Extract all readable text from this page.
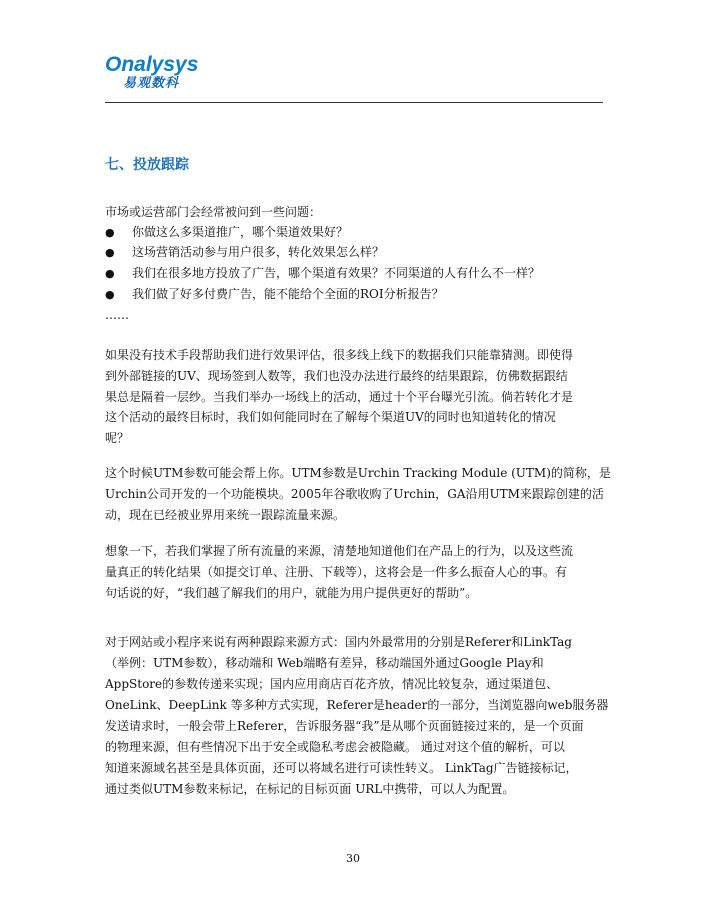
Onalysys
易观数科
七、投放跟踪
市场或运营部门会经常被问到一些问题：
● 你做这么多渠道推广，哪个渠道效果好？
● 这场营销活动参与用户很多，转化效果怎么样？
● 我们在很多地方投放了广告，哪个渠道有效果？不同渠道的人有什么不一样？
● 我们做了好多付费广告，能不能给个全面的ROI分析报告？
……
如果没有技术手段帮助我们进行效果评估，很多线上线下的数据我们只能靠猜测。即使得
到外部链接的UV、现场签到人数等，我们也没办法进行最终的结果跟踪，仿佛数据跟结
果总是隔着一层纱。当我们举办一场线上的活动，通过十个平台曝光引流。倘若转化才是
这个活动的最终目标时，我们如何能同时在了解每个渠道UV的同时也知道转化的情况
呢？
这个时候UTM参数可能会帮上你。UTM参数是Urchin Tracking Module (UTM)的简称，是
Urchin公司开发的一个功能模块。2005年谷歌收购了Urchin，GA沿用UTM来跟踪创建的活
动，现在已经被业界用来统一跟踪流量来源。
想象一下，若我们掌握了所有流量的来源，清楚地知道他们在产品上的行为，以及这些流
量真正的转化结果（如提交订单、注册、下载等），这将会是一件多么振奋人心的事。有
句话说的好，“我们越了解我们的用户，就能为用户提供更好的帮助”。
对于网站或小程序来说有两种跟踪来源方式：国内外最常用的分别是Referer和LinkTag
（举例：UTM参数），移动端和 Web端略有差异，移动端国外通过Google Play和
AppStore的参数传递来实现；国内应用商店百花齐放，情况比较复杂，通过渠道包、
OneLink、DeepLink 等多种方式实现，Referer是header的一部分，当浏览器向web服务器
发送请求时，一般会带上Referer，告诉服务器“我”是从哪个页面链接过来的，是一个页面
的物理来源，但有些情况下出于安全或隐私考虑会被隐藏。 通过对这个值的解析，可以
知道来源域名甚至是具体页面，还可以将域名进行可读性转义。 LinkTag广告链接标记，
通过类似UTM参数来标记，在标记的目标页面 URL中携带，可以人为配置。
30
